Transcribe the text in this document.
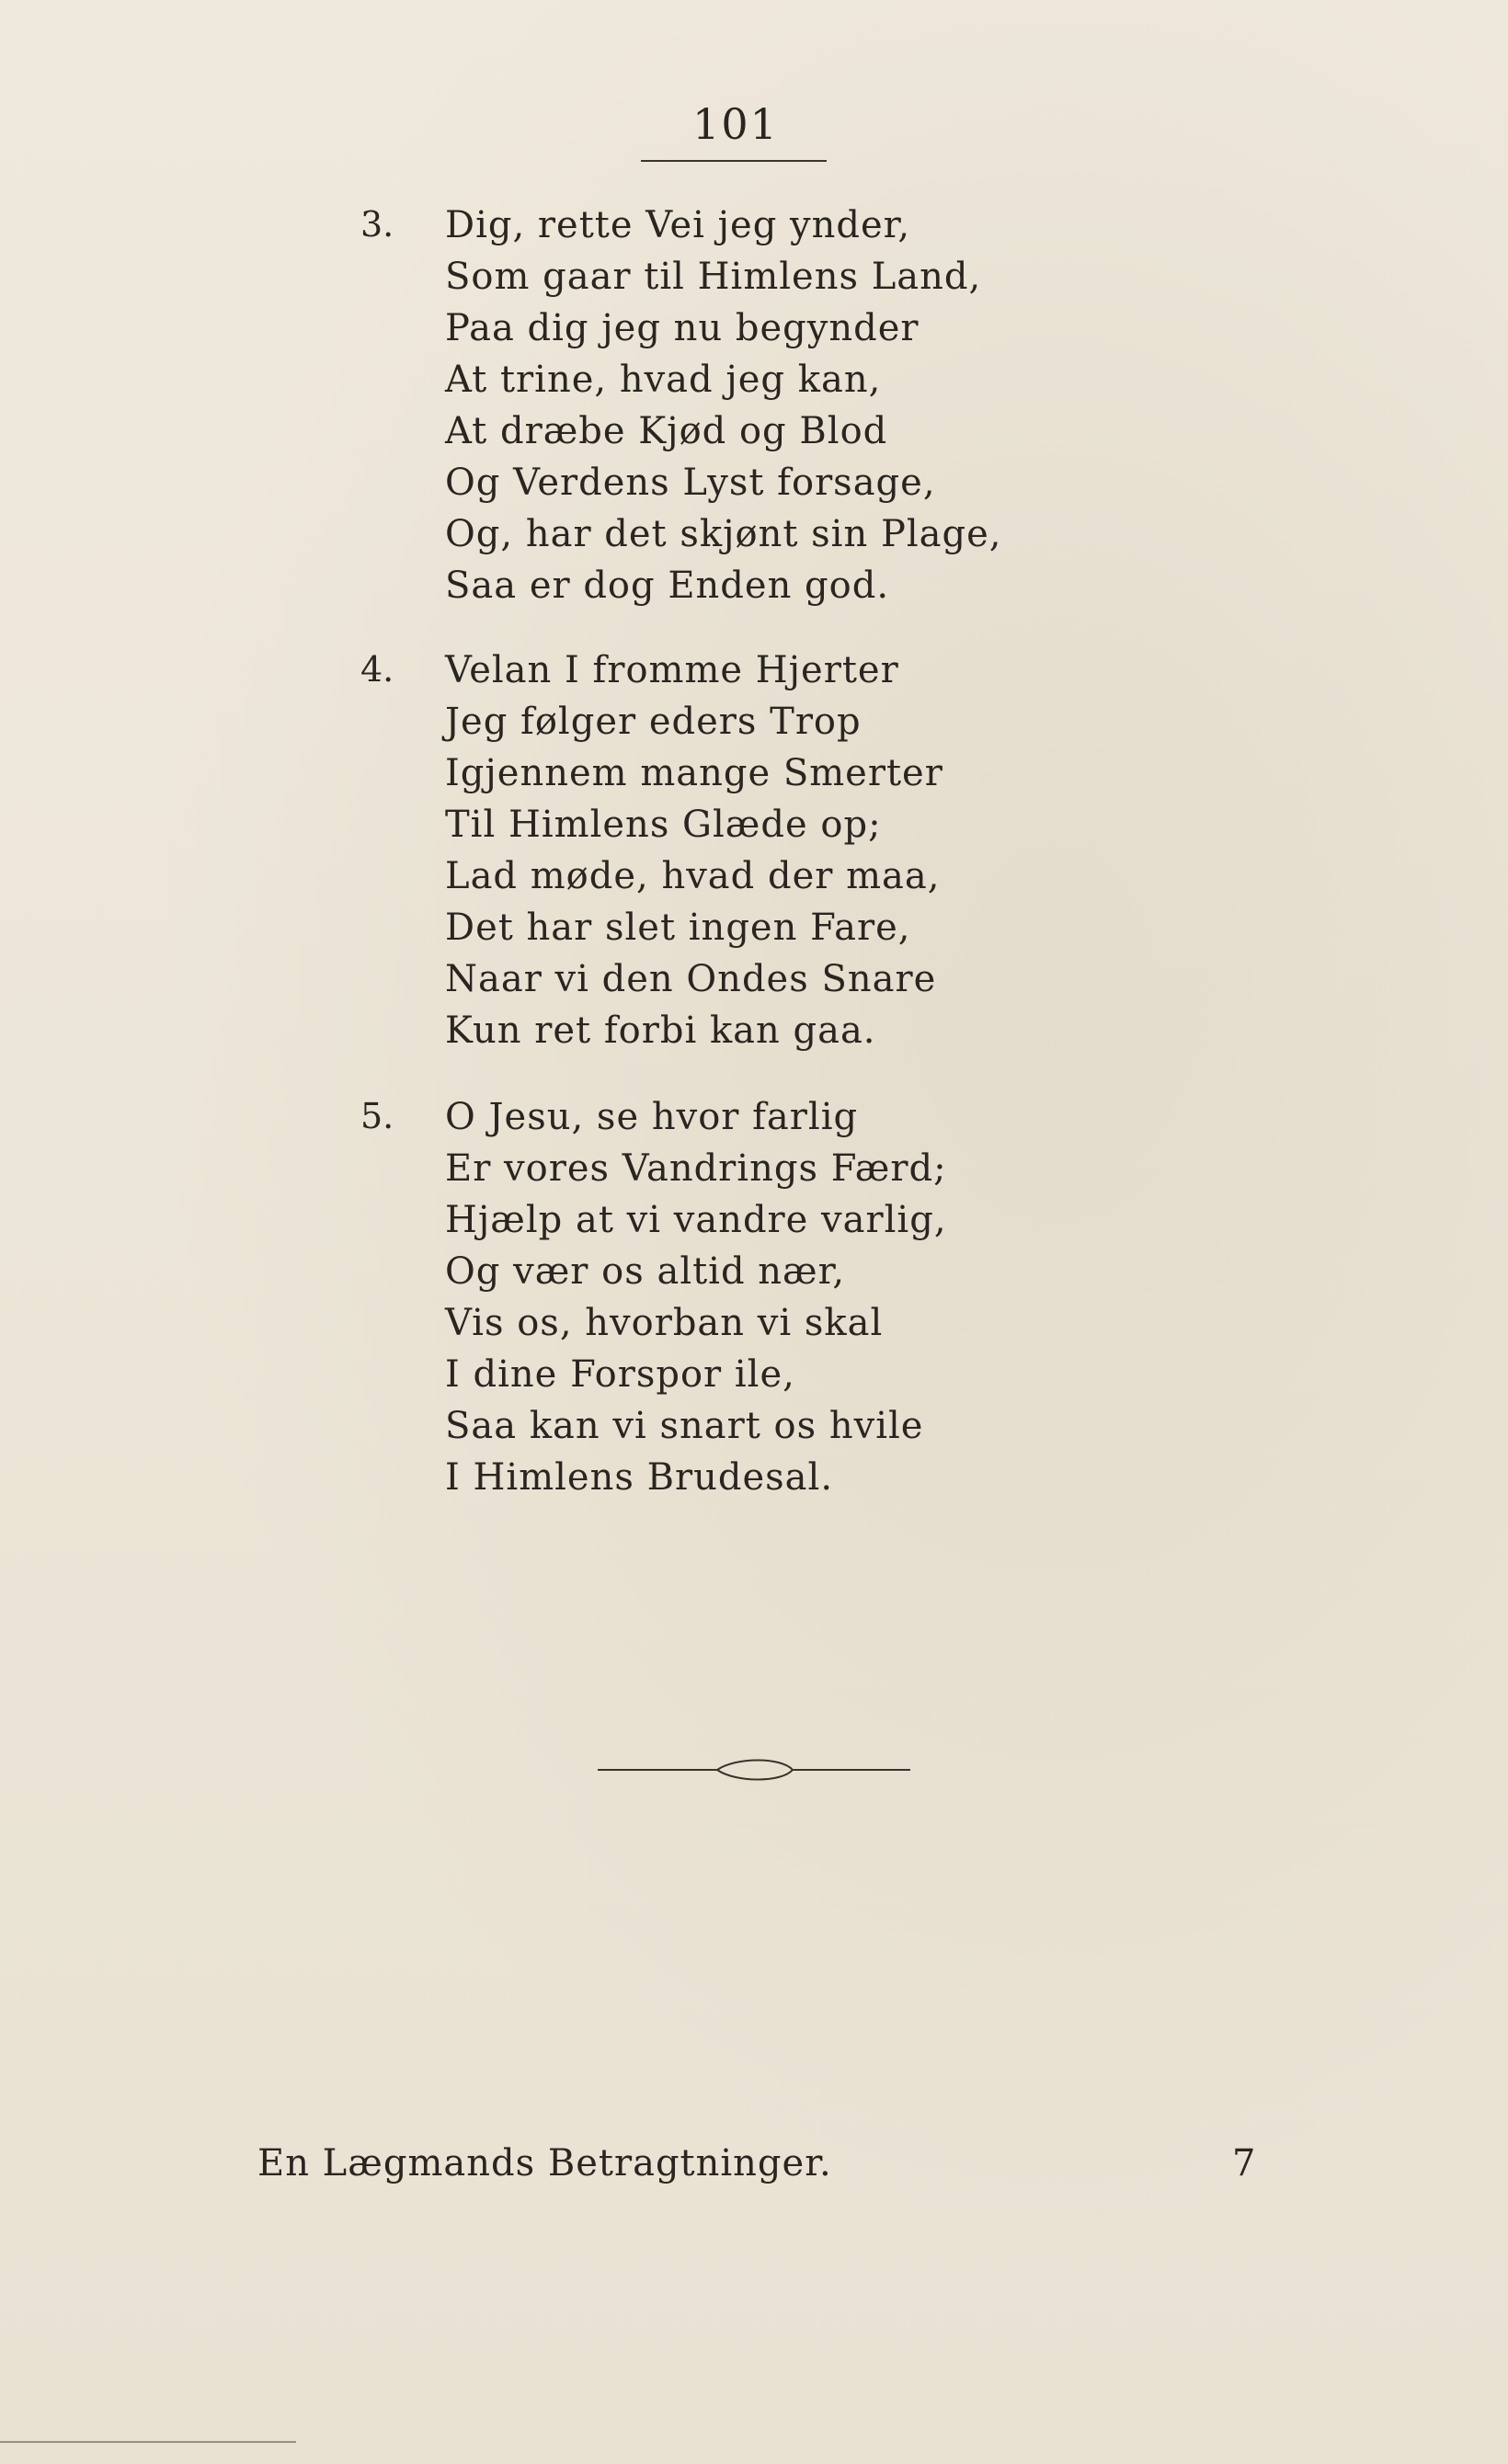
101
3.	Dig, rette Vei jeg ynder,
Som gaar til Himlens Land,
Paa dig jeg nu begynder
At trine, hvad jeg kan,
At dræbe Kjød og Blod
Og Verdens Lyst forsage,
Og, har det skjønt sin Plage,
Saa er dog Enden god.
4.	Velan I fromme Hjerter
Jeg følger eders Trop
Igjennem mange Smerter
Til Himlens Glæde op;
Lad møde, hvad der maa,
Det har slet ingen Fare,
Naar vi den Ondes Snare
Kun ret forbi kan gaa.
5.	O Jesu, se hvor farlig
Er vores Vandrings Færd;
Hjælp at vi vandre varlig,
Og vær os altid nær,
Vis os, hvorban vi skal
I dine Forspor ile,
Saa kan vi snart os hvile
I Himlens Brudesal.
En Lægmands Betragtninger.	7
